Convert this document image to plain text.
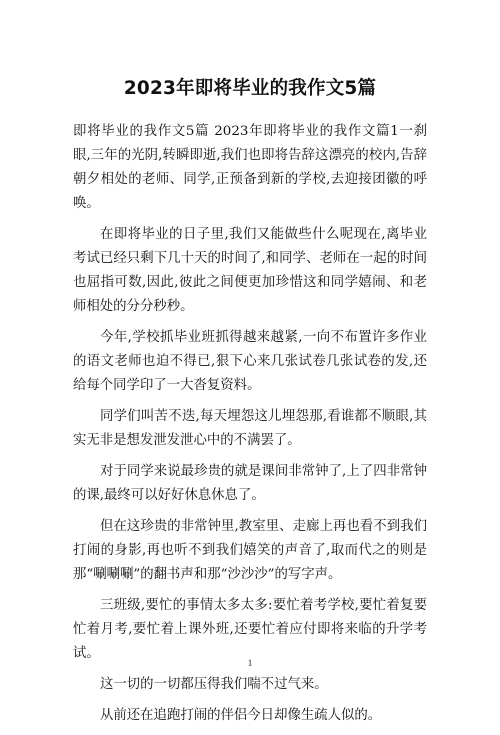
2023年即将毕业的我作文5篇

即将毕业的我作文5篇 2023年即将毕业的我作文篇1一刹眼,三年的光阴,转瞬即逝,我们也即将告辞这漂亮的校内,告辞朝夕相处的老师、同学,正预备到新的学校,去迎接团徽的呼唤。

在即将毕业的日子里,我们又能做些什么呢现在,离毕业考试已经只剩下几十天的时间了,和同学、老师在一起的时间也屈指可数,因此,彼此之间便更加珍惜这和同学嬉闹、和老师相处的分分秒秒。

今年,学校抓毕业班抓得越来越紧,一向不布置许多作业的语文老师也迫不得已,狠下心来几张试卷几张试卷的发,还给每个同学印了一大沓复资料。

同学们叫苦不迭,每天埋怨这儿埋怨那,看谁都不顺眼,其实无非是想发泄发泄心中的不满罢了。

对于同学来说最珍贵的就是课间非常钟了,上了四非常钟的课,最终可以好好休息休息了。

但在这珍贵的非常钟里,教室里、走廊上再也看不到我们打闹的身影,再也听不到我们嬉笑的声音了,取而代之的则是那“唰唰唰”的翻书声和那“沙沙沙”的写字声。

三班级,要忙的事情太多太多:要忙着考学校,要忙着复要忙着月考,要忙着上课外班,还要忙着应付即将来临的升学考试。

这一切的一切都压得我们喘不过气来。

从前还在追跑打闹的伴侣今日却像生疏人似的。

1
